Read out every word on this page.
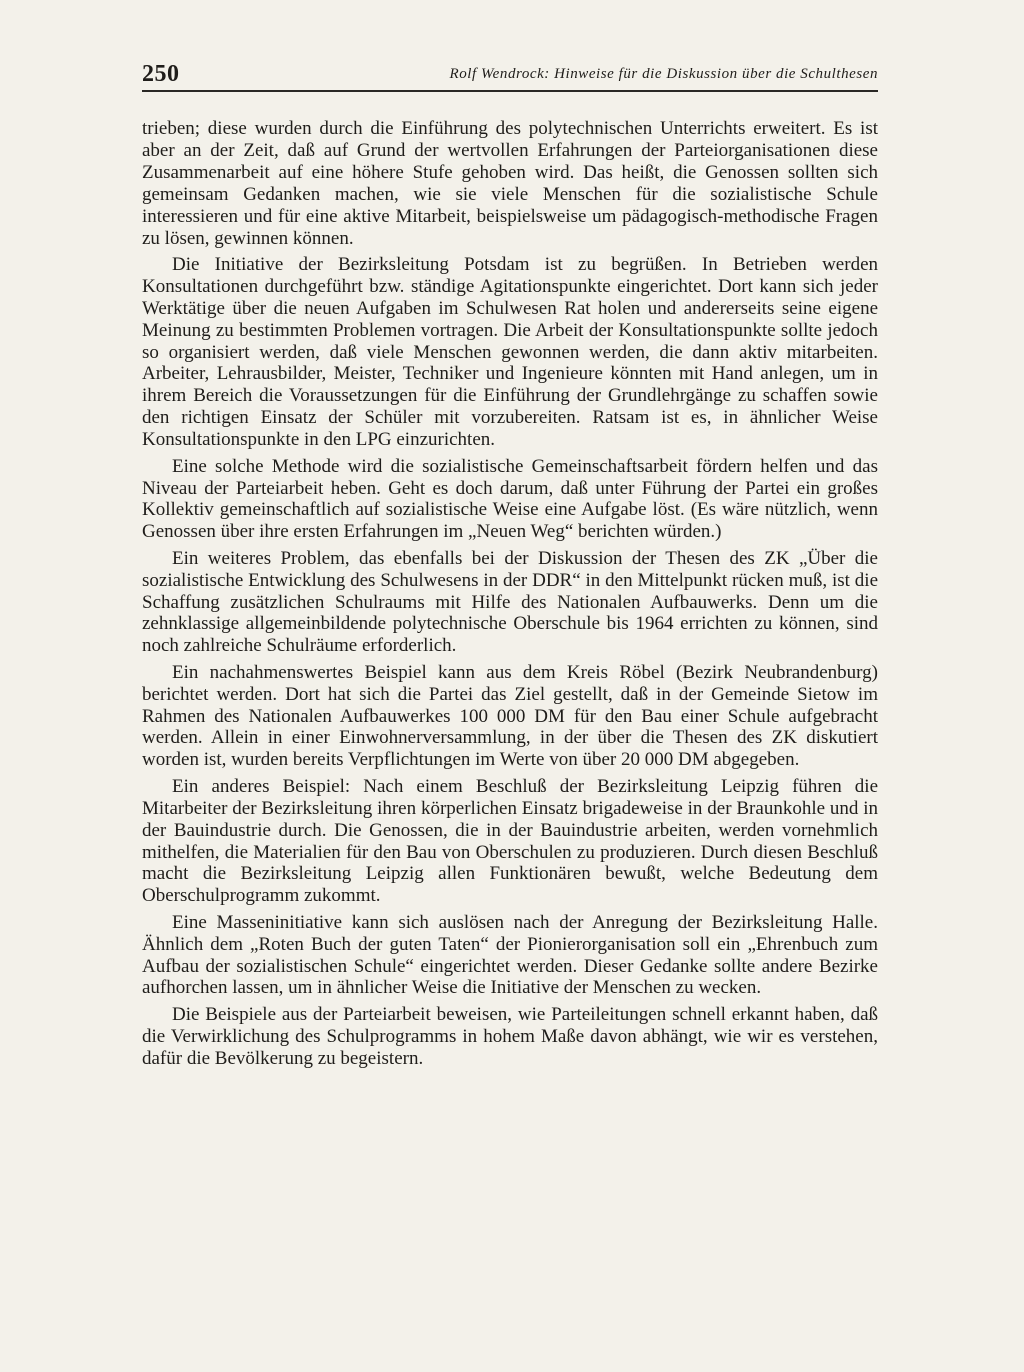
250	Rolf Wendrock: Hinweise für die Diskussion über die Schulthesen

trieben; diese wurden durch die Einführung des polytechnischen Unterrichts erweitert. Es ist aber an der Zeit, daß auf Grund der wertvollen Erfahrungen der Parteiorganisationen diese Zusammenarbeit auf eine höhere Stufe gehoben wird. Das heißt, die Genossen sollten sich gemeinsam Gedanken machen, wie sie viele Menschen für die sozialistische Schule interessieren und für eine aktive Mitarbeit, beispielsweise um pädagogisch-methodische Fragen zu lösen, gewinnen können.

Die Initiative der Bezirksleitung Potsdam ist zu begrüßen. In Betrieben werden Konsultationen durchgeführt bzw. ständige Agitationspunkte eingerichtet. Dort kann sich jeder Werktätige über die neuen Aufgaben im Schulwesen Rat holen und andererseits seine eigene Meinung zu bestimmten Problemen vortragen. Die Arbeit der Konsultationspunkte sollte jedoch so organisiert werden, daß viele Menschen gewonnen werden, die dann aktiv mitarbeiten. Arbeiter, Lehrausbilder, Meister, Techniker und Ingenieure könnten mit Hand anlegen, um in ihrem Bereich die Voraussetzungen für die Einführung der Grundlehrgänge zu schaffen sowie den richtigen Einsatz der Schüler mit vorzubereiten. Ratsam ist es, in ähnlicher Weise Konsultationspunkte in den LPG einzurichten.

Eine solche Methode wird die sozialistische Gemeinschaftsarbeit fördern helfen und das Niveau der Parteiarbeit heben. Geht es doch darum, daß unter Führung der Partei ein großes Kollektiv gemeinschaftlich auf sozialistische Weise eine Aufgabe löst. (Es wäre nützlich, wenn Genossen über ihre ersten Erfahrungen im „Neuen Weg“ berichten würden.)

Ein weiteres Problem, das ebenfalls bei der Diskussion der Thesen des ZK „Über die sozialistische Entwicklung des Schulwesens in der DDR“ in den Mittelpunkt rücken muß, ist die Schaffung zusätzlichen Schulraums mit Hilfe des Nationalen Aufbauwerks. Denn um die zehnklassige allgemeinbildende polytechnische Oberschule bis 1964 errichten zu können, sind noch zahlreiche Schulräume erforderlich.

Ein nachahmenswertes Beispiel kann aus dem Kreis Röbel (Bezirk Neubrandenburg) berichtet werden. Dort hat sich die Partei das Ziel gestellt, daß in der Gemeinde Sietow im Rahmen des Nationalen Aufbauwerkes 100 000 DM für den Bau einer Schule aufgebracht werden. Allein in einer Einwohnerversammlung, in der über die Thesen des ZK diskutiert worden ist, wurden bereits Verpflichtungen im Werte von über 20 000 DM abgegeben.

Ein anderes Beispiel: Nach einem Beschluß der Bezirksleitung Leipzig führen die Mitarbeiter der Bezirksleitung ihren körperlichen Einsatz brigadeweise in der Braunkohle und in der Bauindustrie durch. Die Genossen, die in der Bauindustrie arbeiten, werden vornehmlich mithelfen, die Materialien für den Bau von Oberschulen zu produzieren. Durch diesen Beschluß macht die Bezirksleitung Leipzig allen Funktionären bewußt, welche Bedeutung dem Oberschulprogramm zukommt.

Eine Masseninitiative kann sich auslösen nach der Anregung der Bezirksleitung Halle. Ähnlich dem „Roten Buch der guten Taten“ der Pionierorganisation soll ein „Ehrenbuch zum Aufbau der sozialistischen Schule“ eingerichtet werden. Dieser Gedanke sollte andere Bezirke aufhorchen lassen, um in ähnlicher Weise die Initiative der Menschen zu wecken.

Die Beispiele aus der Parteiarbeit beweisen, wie Parteileitungen schnell erkannt haben, daß die Verwirklichung des Schulprogramms in hohem Maße davon abhängt, wie wir es verstehen, dafür die Bevölkerung zu begeistern.
